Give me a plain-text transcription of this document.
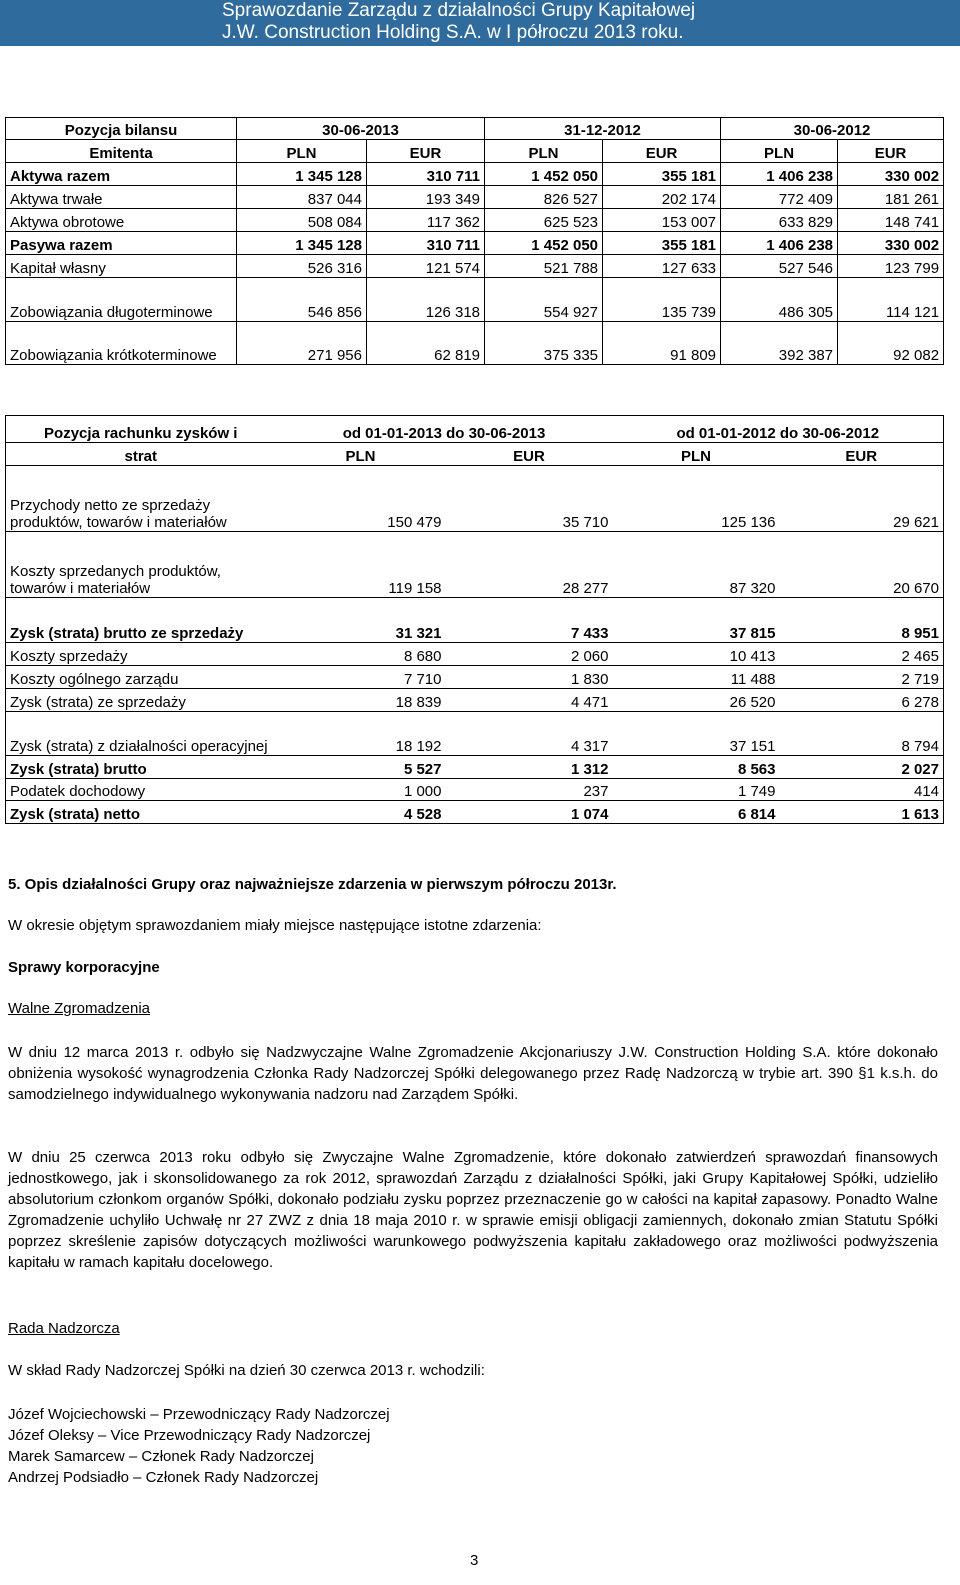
Sprawozdanie Zarządu z działalności Grupy Kapitałowej
J.W. Construction Holding S.A. w I półroczu 2013 roku.
Pozycja bilansu	30-06-2013		31-12-2012		30-06-2012	
Emitenta	PLN	EUR	PLN	EUR	PLN	EUR
Aktywa razem	1 345 128	310 711	1 452 050	355 181	1 406 238	330 002
Aktywa trwałe	837 044	193 349	826 527	202 174	772 409	181 261
Aktywa obrotowe	508 084	117 362	625 523	153 007	633 829	148 741
Pasywa razem	1 345 128	310 711	1 452 050	355 181	1 406 238	330 002
Kapitał własny	526 316	121 574	521 788	127 633	527 546	123 799
Zobowiązania długoterminowe	546 856	126 318	554 927	135 739	486 305	114 121
Zobowiązania krótkoterminowe	271 956	62 819	375 335	91 809	392 387	92 082
Pozycja rachunku zysków i	od 01-01-2013 do 30-06-2013		od 01-01-2012 do 30-06-2012	
strat	PLN	EUR	PLN	EUR
Przychody netto ze sprzedaży produktów, towarów i materiałów	150 479	35 710	125 136	29 621
Koszty sprzedanych produktów, towarów i materiałów	119 158	28 277	87 320	20 670
Zysk (strata) brutto ze sprzedaży	31 321	7 433	37 815	8 951
Koszty sprzedaży	8 680	2 060	10 413	2 465
Koszty ogólnego zarządu	7 710	1 830	11 488	2 719
Zysk (strata) ze sprzedaży	18 839	4 471	26 520	6 278
Zysk (strata) z działalności operacyjnej	18 192	4 317	37 151	8 794
Zysk (strata) brutto	5 527	1 312	8 563	2 027
Podatek dochodowy	1 000	237	1 749	414
Zysk (strata) netto	4 528	1 074	6 814	1 613
5. Opis działalności Grupy oraz najważniejsze zdarzenia w pierwszym półroczu 2013r.
W okresie objętym sprawozdaniem miały miejsce następujące istotne zdarzenia:
Sprawy korporacyjne
Walne Zgromadzenia
W dniu 12 marca 2013 r. odbyło się Nadzwyczajne Walne Zgromadzenie Akcjonariuszy J.W. Construction Holding S.A. które dokonało obniżenia wysokość wynagrodzenia Członka Rady Nadzorczej Spółki delegowanego przez Radę Nadzorczą w trybie art. 390 §1 k.s.h. do samodzielnego indywidualnego wykonywania nadzoru nad Zarządem Spółki.
W dniu 25 czerwca 2013 roku odbyło się Zwyczajne Walne Zgromadzenie, które dokonało zatwierdzeń sprawozdań finansowych jednostkowego, jak i skonsolidowanego za rok 2012, sprawozdań Zarządu z działalności Spółki, jaki Grupy Kapitałowej Spółki, udzieliło absolutorium członkom organów Spółki, dokonało podziału zysku poprzez przeznaczenie go w całości na kapitał zapasowy. Ponadto Walne Zgromadzenie uchyliło Uchwałę nr 27 ZWZ z dnia 18 maja 2010 r. w sprawie emisji obligacji zamiennych, dokonało zmian Statutu Spółki poprzez skreślenie zapisów dotyczących możliwości warunkowego podwyższenia kapitału zakładowego oraz możliwości podwyższenia kapitału w ramach kapitału docelowego.
Rada Nadzorcza
W skład Rady Nadzorczej Spółki na dzień 30 czerwca 2013 r. wchodzili:
Józef Wojciechowski – Przewodniczący Rady Nadzorczej
Józef Oleksy – Vice Przewodniczący Rady Nadzorczej
Marek Samarcew – Członek Rady Nadzorczej
Andrzej Podsiadło – Członek Rady Nadzorczej
3
